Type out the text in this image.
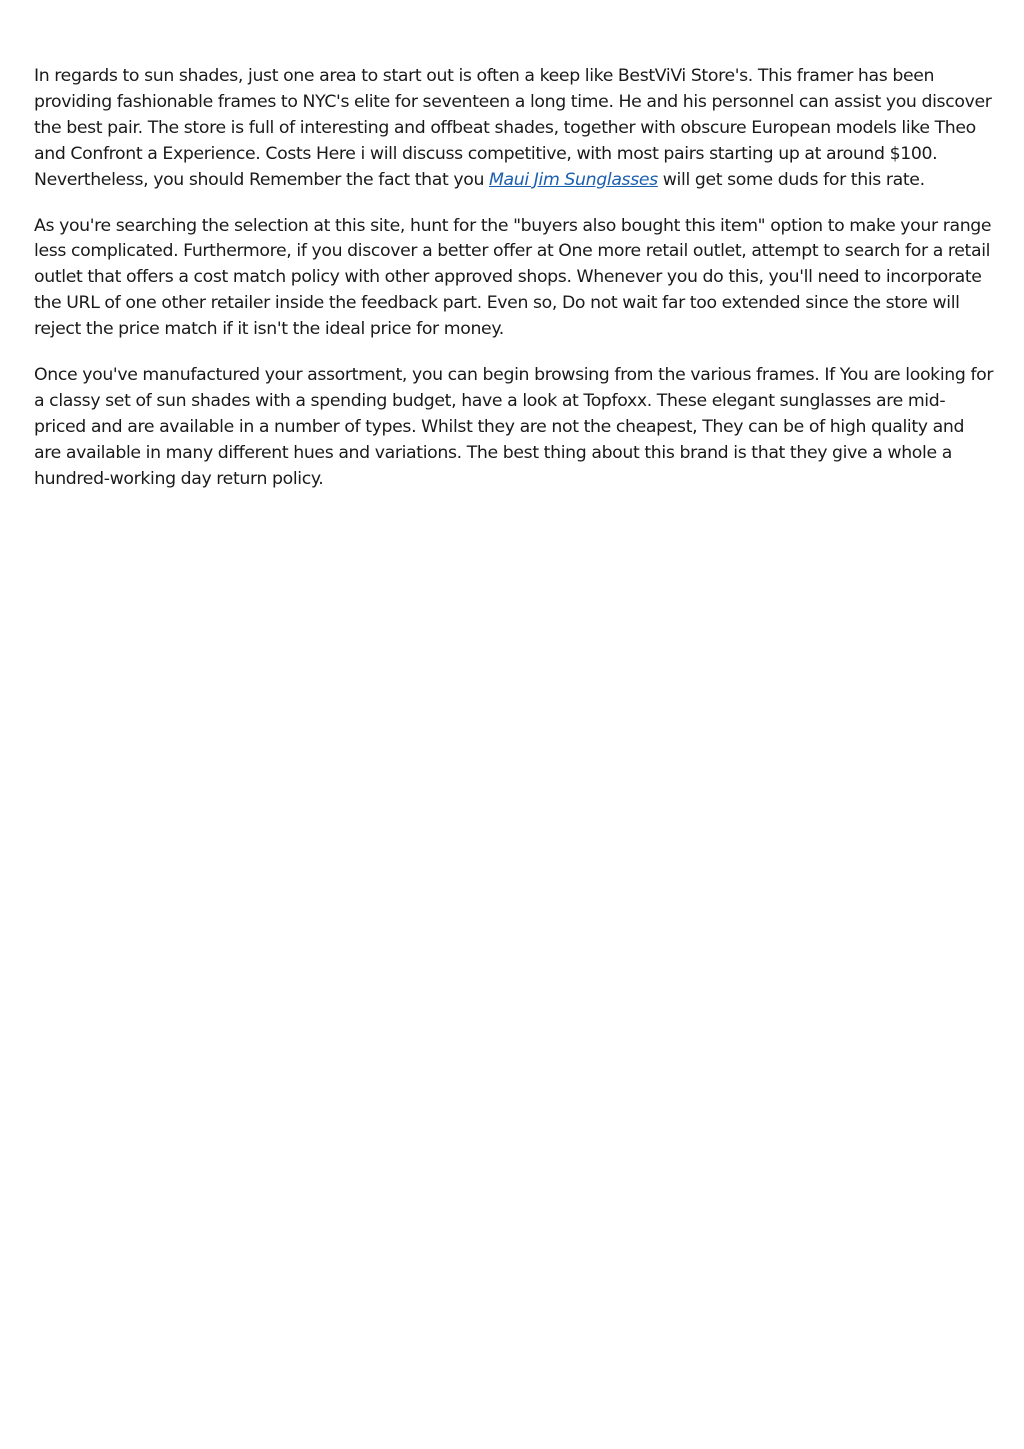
In regards to sun shades, just one area to start out is often a keep like BestViVi Store's. This framer has been providing fashionable frames to NYC's elite for seventeen a long time. He and his personnel can assist you discover the best pair. The store is full of interesting and offbeat shades, together with obscure European models like Theo and Confront a Experience. Costs Here i will discuss competitive, with most pairs starting up at around $100. Nevertheless, you should Remember the fact that you Maui Jim Sunglasses will get some duds for this rate.

As you're searching the selection at this site, hunt for the "buyers also bought this item" option to make your range less complicated. Furthermore, if you discover a better offer at One more retail outlet, attempt to search for a retail outlet that offers a cost match policy with other approved shops. Whenever you do this, you'll need to incorporate the URL of one other retailer inside the feedback part. Even so, Do not wait far too extended since the store will reject the price match if it isn't the ideal price for money.

Once you've manufactured your assortment, you can begin browsing from the various frames. If You are looking for a classy set of sun shades with a spending budget, have a look at Topfoxx. These elegant sunglasses are mid-priced and are available in a number of types. Whilst they are not the cheapest, They can be of high quality and are available in many different hues and variations. The best thing about this brand is that they give a whole a hundred-working day return policy.
